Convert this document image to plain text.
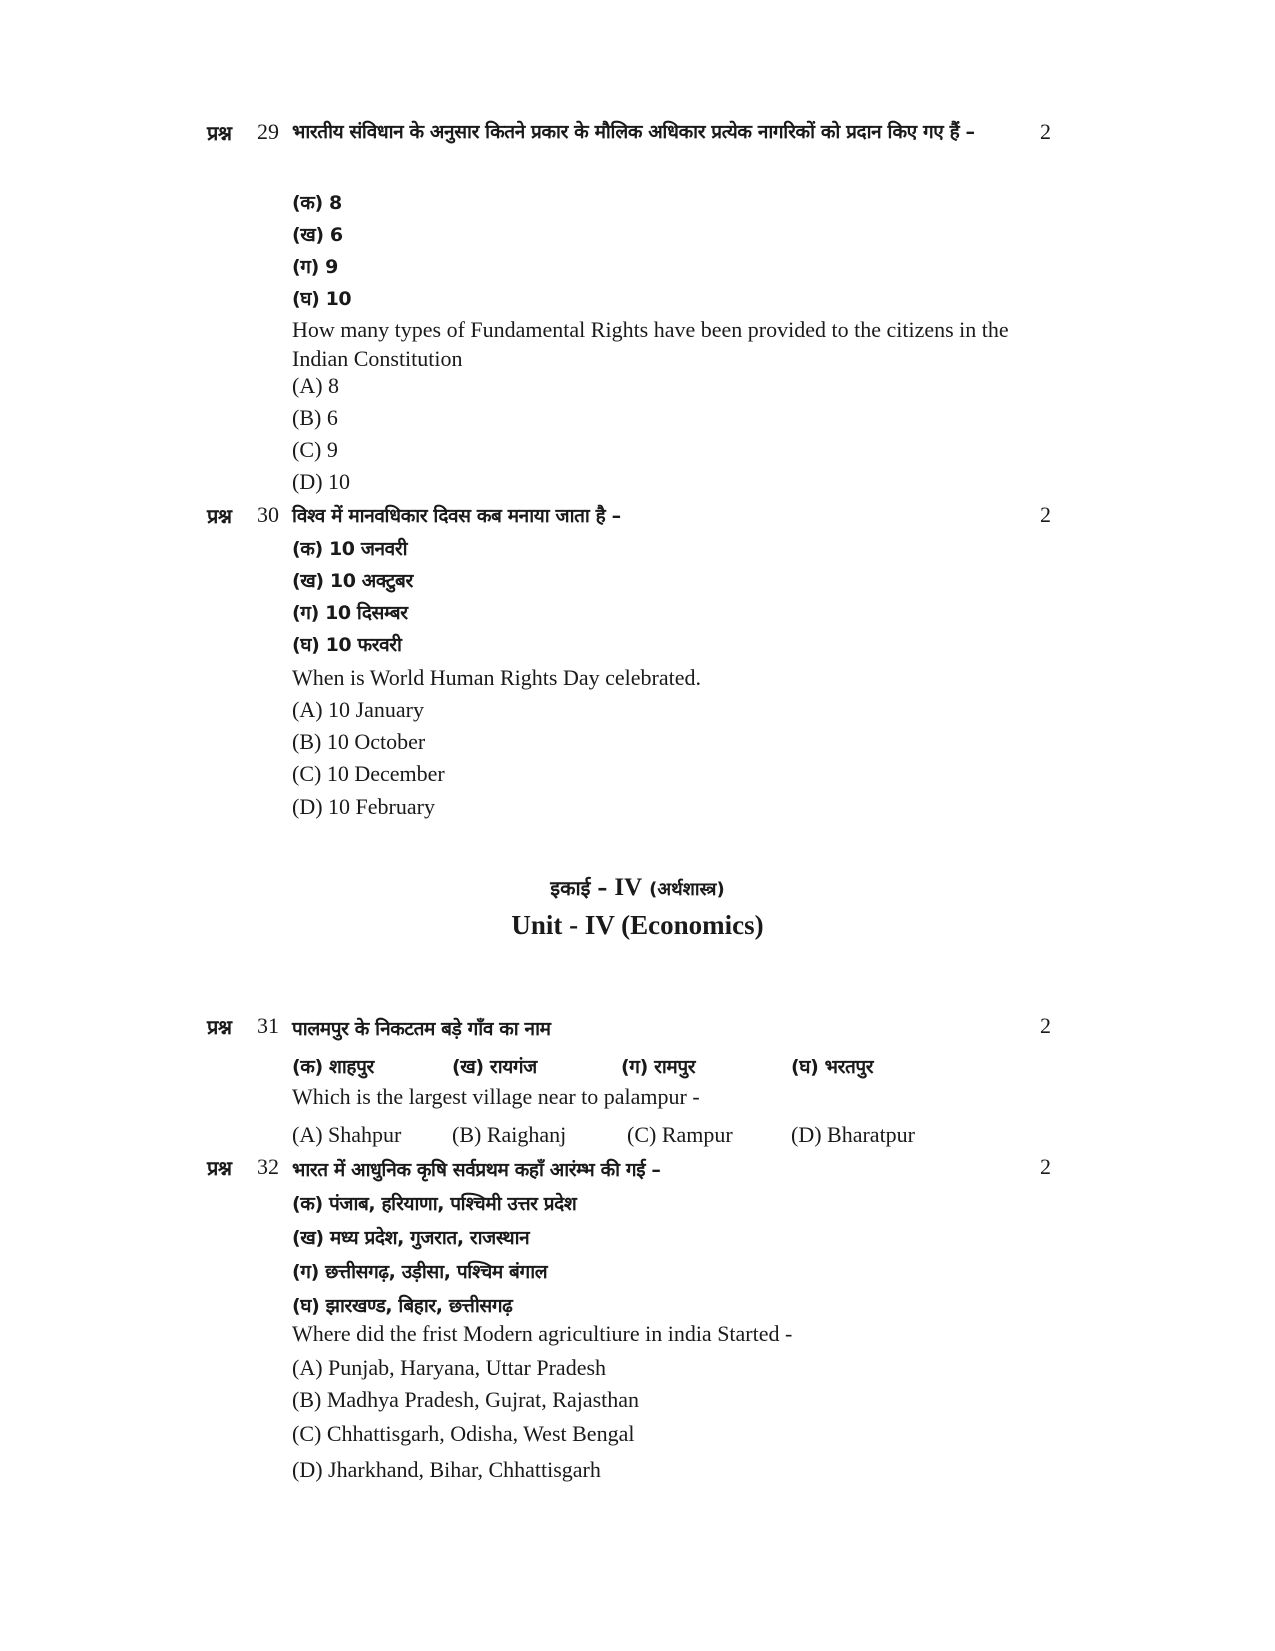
प्रश्न 29	2
भारतीय संविधान के अनुसार कितने प्रकार के मौलिक अधिकार प्रत्येक नागरिकों को प्रदान किए गए हैं –
(क) 8
(ख) 6
(ग) 9
(घ) 10
How many types of Fundamental Rights have been provided to the citizens in the Indian Constitution
(A) 8
(B) 6
(C) 9
(D) 10
प्रश्न 30	2
विश्व में मानवधिकार दिवस कब मनाया जाता है –
(क) 10 जनवरी
(ख) 10 अक्टुबर
(ग) 10 दिसम्बर
(घ) 10 फरवरी
When is World Human Rights Day celebrated.
(A) 10 January
(B) 10 October
(C) 10 December
(D) 10 February
इकाई – IV (अर्थशास्त्र)
Unit - IV (Economics)
प्रश्न 31	2
पालमपुर के निकटतम बड़े गाँव का नाम
(क) शाहपुर	(ख) रायगंज	(ग) रामपुर	(घ) भरतपुर
Which is the largest village near to palampur -
(A) Shahpur (B) Raighanj	(C) Rampur	(D) Bharatpur
प्रश्न 32	2
भारत में आधुनिक कृषि सर्वप्रथम कहाँ आरंम्भ की गई –
(क) पंजाब, हरियाणा, पश्चिमी उत्तर प्रदेश
(ख) मध्य प्रदेश, गुजरात, राजस्थान
(ग) छत्तीसगढ़, उड़ीसा, पश्चिम बंगाल
(घ) झारखण्ड, बिहार, छत्तीसगढ़
Where did the frist Modern agricultiure in india Started -
(A) Punjab, Haryana, Uttar Pradesh
(B) Madhya Pradesh, Gujrat, Rajasthan
(C) Chhattisgarh, Odisha, West Bengal
(D) Jharkhand, Bihar, Chhattisgarh
